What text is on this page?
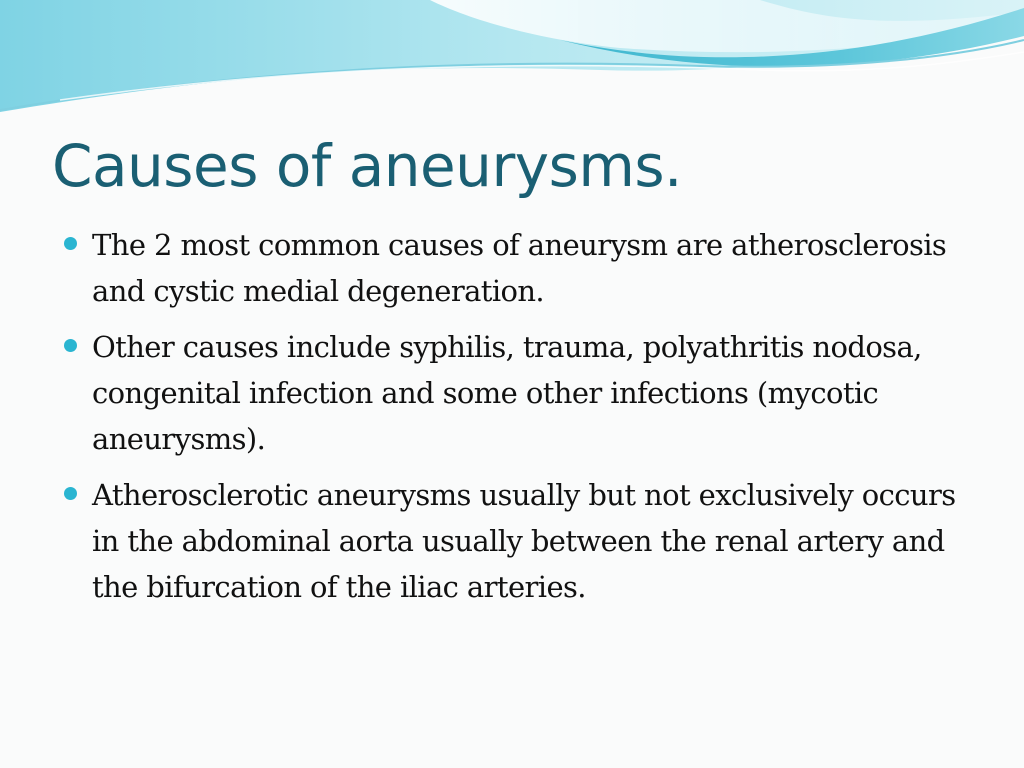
Causes of aneurysms.
The 2 most common causes of aneurysm are atherosclerosis and cystic medial degeneration.
Other causes include syphilis, trauma, polyathritis nodosa, congenital infection and some other infections (mycotic aneurysms).
Atherosclerotic aneurysms usually but not exclusively occurs in the abdominal aorta usually between the renal artery and the bifurcation of the iliac arteries.
